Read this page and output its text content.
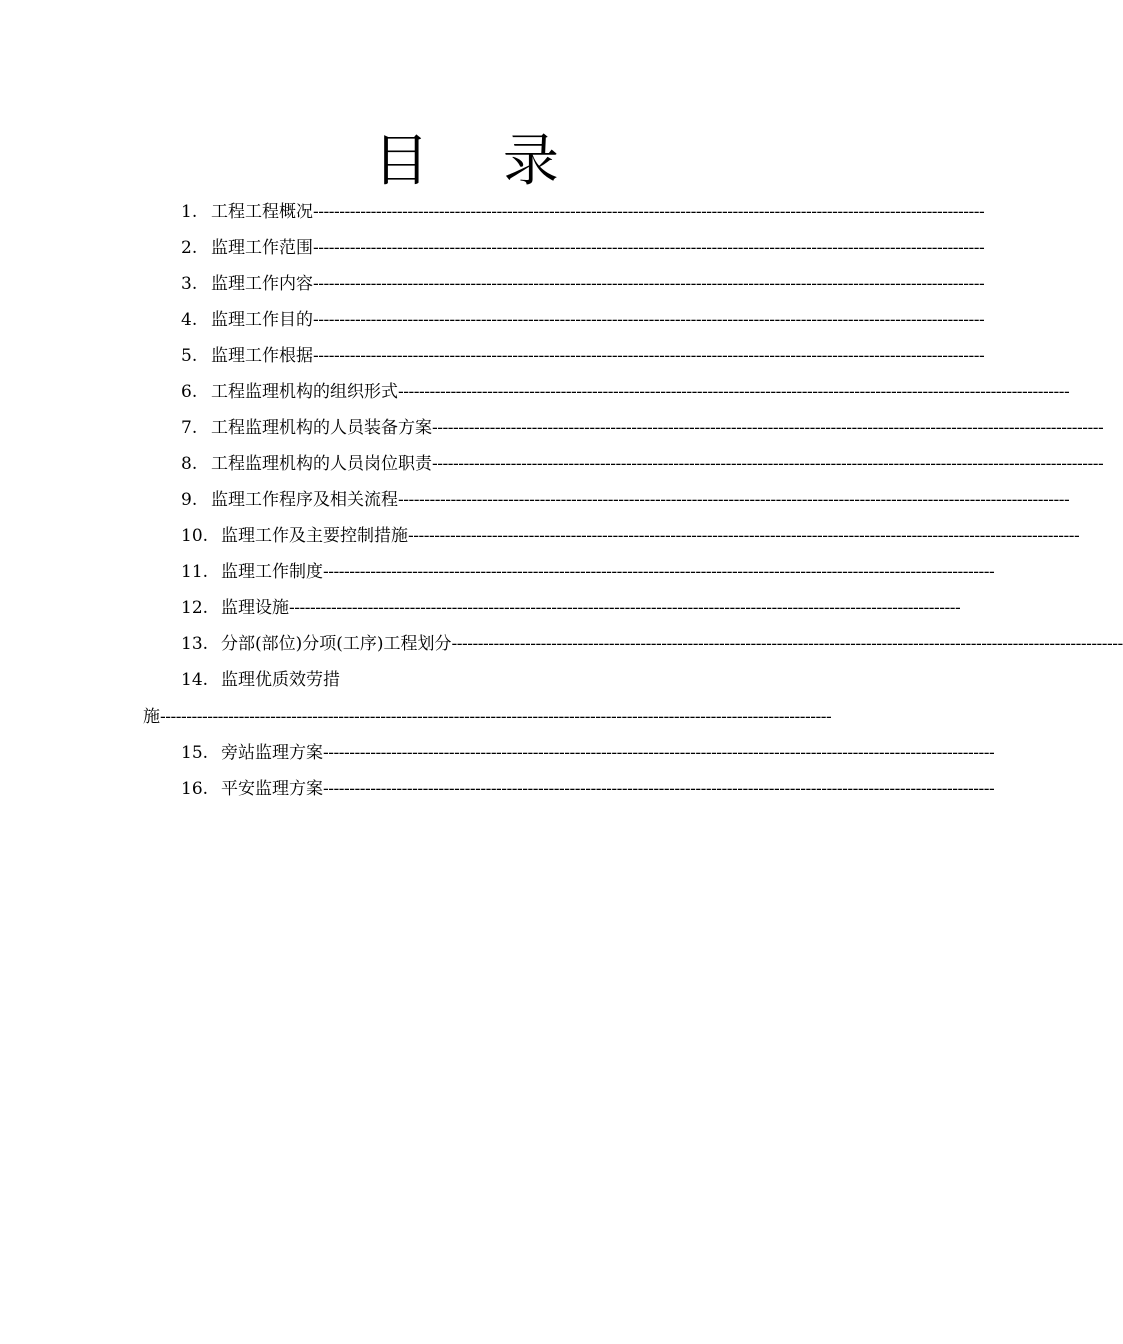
目 录
1. 工程工程概况--------------------------------------------------------------------------------------------------------------------------------
2. 监理工作范围--------------------------------------------------------------------------------------------------------------------------------
3. 监理工作内容--------------------------------------------------------------------------------------------------------------------------------
4. 监理工作目的--------------------------------------------------------------------------------------------------------------------------------
5. 监理工作根据--------------------------------------------------------------------------------------------------------------------------------
6. 工程监理机构的组织形式--------------------------------------------------------------------------------------------------------------------------------
7. 工程监理机构的人员装备方案--------------------------------------------------------------------------------------------------------------------------------
8. 工程监理机构的人员岗位职责--------------------------------------------------------------------------------------------------------------------------------
9. 监理工作程序及相关流程--------------------------------------------------------------------------------------------------------------------------------
10. 监理工作及主要控制措施--------------------------------------------------------------------------------------------------------------------------------
11. 监理工作制度--------------------------------------------------------------------------------------------------------------------------------
12. 监理设施--------------------------------------------------------------------------------------------------------------------------------
13. 分部(部位)分项(工序)工程划分--------------------------------------------------------------------------------------------------------------------------------
14. 监理优质效劳措
施--------------------------------------------------------------------------------------------------------------------------------
15. 旁站监理方案--------------------------------------------------------------------------------------------------------------------------------
16. 平安监理方案--------------------------------------------------------------------------------------------------------------------------------
